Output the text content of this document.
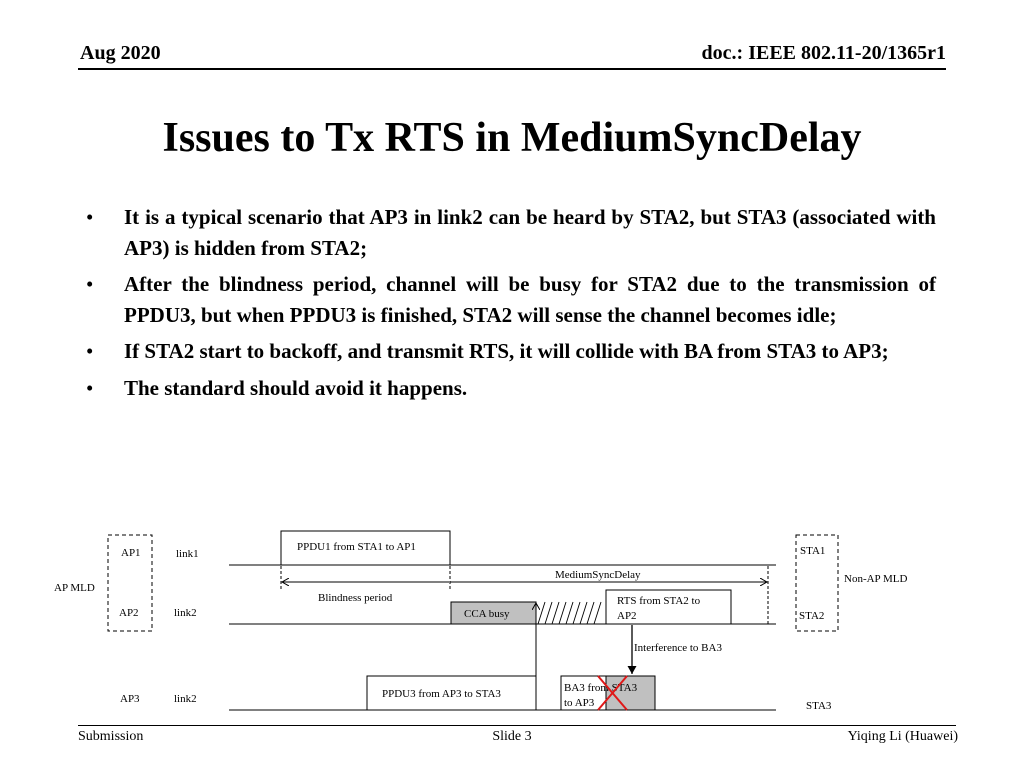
Aug 2020	doc.: IEEE 802.11-20/1365r1
Issues to Tx RTS in MediumSyncDelay
• It is a typical scenario that AP3 in link2 can be heard by STA2, but STA3 (associated with AP3) is hidden from STA2;
• After the blindness period, channel will be busy for STA2 due to the transmission of PPDU3, but when PPDU3 is finished, STA2 will sense the channel becomes idle;
• If STA2 start to backoff, and transmit RTS, it will collide with BA from STA3 to AP3;
• The standard should avoid it happens.
AP MLD
AP1
AP2
AP3
link1
link2
link2
STA1
STA2
STA3
Non-AP MLD
PPDU1 from STA1 to AP1
MediumSyncDelay
Blindness period
CCA busy
RTS from STA2 to
AP2
Interference to BA3
PPDU3 from AP3 to STA3	BA3 from STA3
to AP3
Submission	Slide 3	Yiqing Li (Huawei)
